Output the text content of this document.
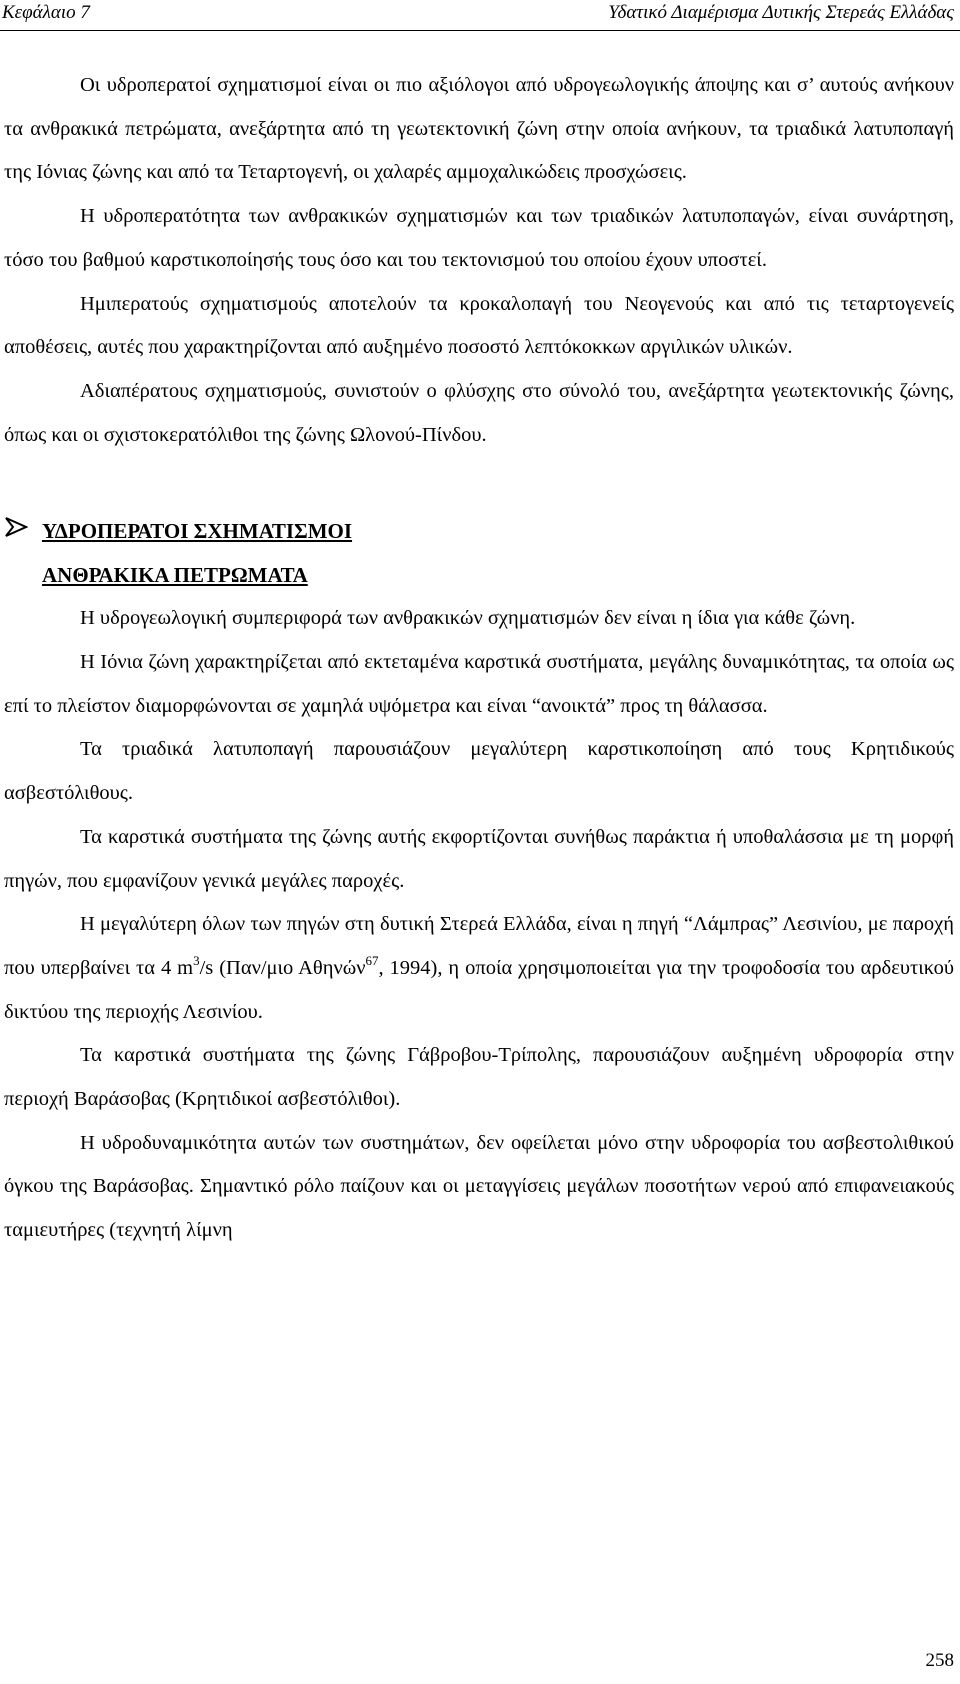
Κεφάλαιο 7	Υδατικό Διαμέρισμα Δυτικής Στερεάς Ελλάδας

Οι υδροπερατοί σχηματισμοί είναι οι πιο αξιόλογοι από υδρογεωλογικής άποψης και σ’ αυτούς ανήκουν τα ανθρακικά πετρώματα, ανεξάρτητα από τη γεωτεκτονική ζώνη στην οποία ανήκουν, τα τριαδικά λατυποπαγή της Ιόνιας ζώνης και από τα Τεταρτογενή, οι χαλαρές αμμοχαλικώδεις προσχώσεις.

Η υδροπερατότητα των ανθρακικών σχηματισμών και των τριαδικών λατυποπαγών, είναι συνάρτηση, τόσο του βαθμού καρστικοποίησής τους όσο και του τεκτονισμού του οποίου έχουν υποστεί.

Ημιπερατούς σχηματισμούς αποτελούν τα κροκαλοπαγή του Νεογενούς και από τις τεταρτογενείς αποθέσεις, αυτές που χαρακτηρίζονται από αυξημένο ποσοστό λεπτόκοκκων αργιλικών υλικών.

Αδιαπέρατους σχηματισμούς, συνιστούν ο φλύσχης στο σύνολό του, ανεξάρτητα γεωτεκτονικής ζώνης, όπως και οι σχιστοκερατόλιθοι της ζώνης Ωλονού-Πίνδου.

ΥΔΡΟΠΕΡΑΤΟΙ ΣΧΗΜΑΤΙΣΜΟΙ
ΑΝΘΡΑΚΙΚΑ ΠΕΤΡΩΜΑΤΑ

Η υδρογεωλογική συμπεριφορά των ανθρακικών σχηματισμών δεν είναι η ίδια για κάθε ζώνη.

Η Ιόνια ζώνη χαρακτηρίζεται από εκτεταμένα καρστικά συστήματα, μεγάλης δυναμικότητας, τα οποία ως επί το πλείστον διαμορφώνονται σε χαμηλά υψόμετρα και είναι “ανοικτά” προς τη θάλασσα.

Τα τριαδικά λατυποπαγή παρουσιάζουν μεγαλύτερη καρστικοποίηση από τους Κρητιδικούς ασβεστόλιθους.

Τα καρστικά συστήματα της ζώνης αυτής εκφορτίζονται συνήθως παράκτια ή υποθαλάσσια με τη μορφή πηγών, που εμφανίζουν γενικά μεγάλες παροχές.

Η μεγαλύτερη όλων των πηγών στη δυτική Στερεά Ελλάδα, είναι η πηγή “Λάμπρας” Λεσινίου, με παροχή που υπερβαίνει τα 4 $m^3/s$ (Παν/μιο Αθηνών$^{67}$, 1994), η οποία χρησιμοποιείται για την τροφοδοσία του αρδευτικού δικτύου της περιοχής Λεσινίου.

Τα καρστικά συστήματα της ζώνης Γάβροβου-Τρίπολης, παρουσιάζουν αυξημένη υδροφορία στην περιοχή Βαράσοβας (Κρητιδικοί ασβεστόλιθοι).

Η υδροδυναμικότητα αυτών των συστημάτων, δεν οφείλεται μόνο στην υδροφορία του ασβεστολιθικού όγκου της Βαράσοβας. Σημαντικό ρόλο παίζουν και οι μεταγγίσεις μεγάλων ποσοτήτων νερού από επιφανειακούς ταμιευτήρες (τεχνητή λίμνη

258
